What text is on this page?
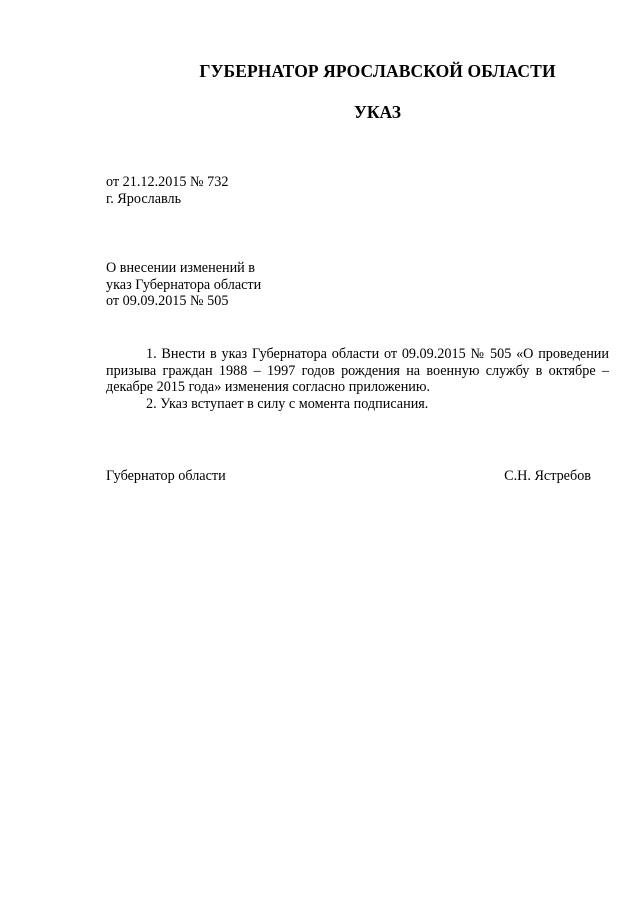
ГУБЕРНАТОР ЯРОСЛАВСКОЙ ОБЛАСТИ
УКАЗ
от 21.12.2015 № 732
г. Ярославль
О внесении изменений в
указ Губернатора области
от 09.09.2015 № 505

1. Внести в указ Губернатора области от 09.09.2015 № 505 «О проведении призыва граждан 1988 – 1997 годов рождения на военную службу в октябре – декабре 2015 года» изменения согласно приложению.

2. Указ вступает в силу с момента подписания.

Губернатор области	С.Н. Ястребов
